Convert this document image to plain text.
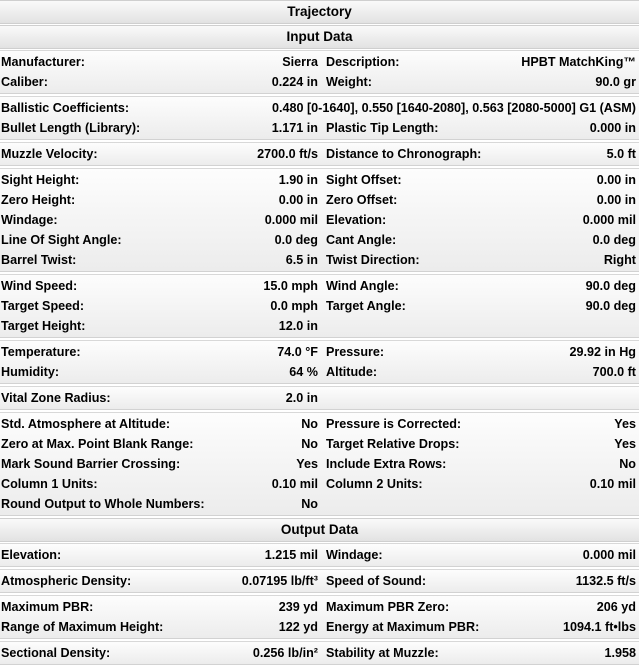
Trajectory
Input Data
Manufacturer:	Sierra Description:	HPBT MatchKing™
Caliber:	0.224 in Weight:	90.0 gr
Ballistic Coefficients:	0.480 [0-1640], 0.550 [1640-2080], 0.563 [2080-5000] G1 (ASM)
Bullet Length (Library):	1.171 in Plastic Tip Length:	0.000 in
Muzzle Velocity:	2700.0 ft/s Distance to Chronograph:	5.0 ft
Sight Height:	1.90 in Sight Offset:	0.00 in
Zero Height:	0.00 in Zero Offset:	0.00 in
Windage:	0.000 mil Elevation:	0.000 mil
Line Of Sight Angle:	0.0 deg Cant Angle:	0.0 deg
Barrel Twist:	6.5 in Twist Direction:	Right
Wind Speed:	15.0 mph Wind Angle:	90.0 deg
Target Speed:	0.0 mph Target Angle:	90.0 deg
Target Height:	12.0 in
Temperature:	74.0 °F Pressure:	29.92 in Hg
Humidity:	64 % Altitude:	700.0 ft
Vital Zone Radius:	2.0 in
Std. Atmosphere at Altitude:	No Pressure is Corrected:	Yes
Zero at Max. Point Blank Range:	No Target Relative Drops:	Yes
Mark Sound Barrier Crossing:	Yes Include Extra Rows:	No
Column 1 Units:	0.10 mil Column 2 Units:	0.10 mil
Round Output to Whole Numbers:	No
Output Data
Elevation:	1.215 mil Windage:	0.000 mil
Atmospheric Density:	0.07195 lb/ft³ Speed of Sound:	1132.5 ft/s
Maximum PBR:	239 yd Maximum PBR Zero:	206 yd
Range of Maximum Height:	122 yd Energy at Maximum PBR:	1094.1 ft•lbs
Sectional Density:	0.256 lb/in² Stability at Muzzle:	1.958
